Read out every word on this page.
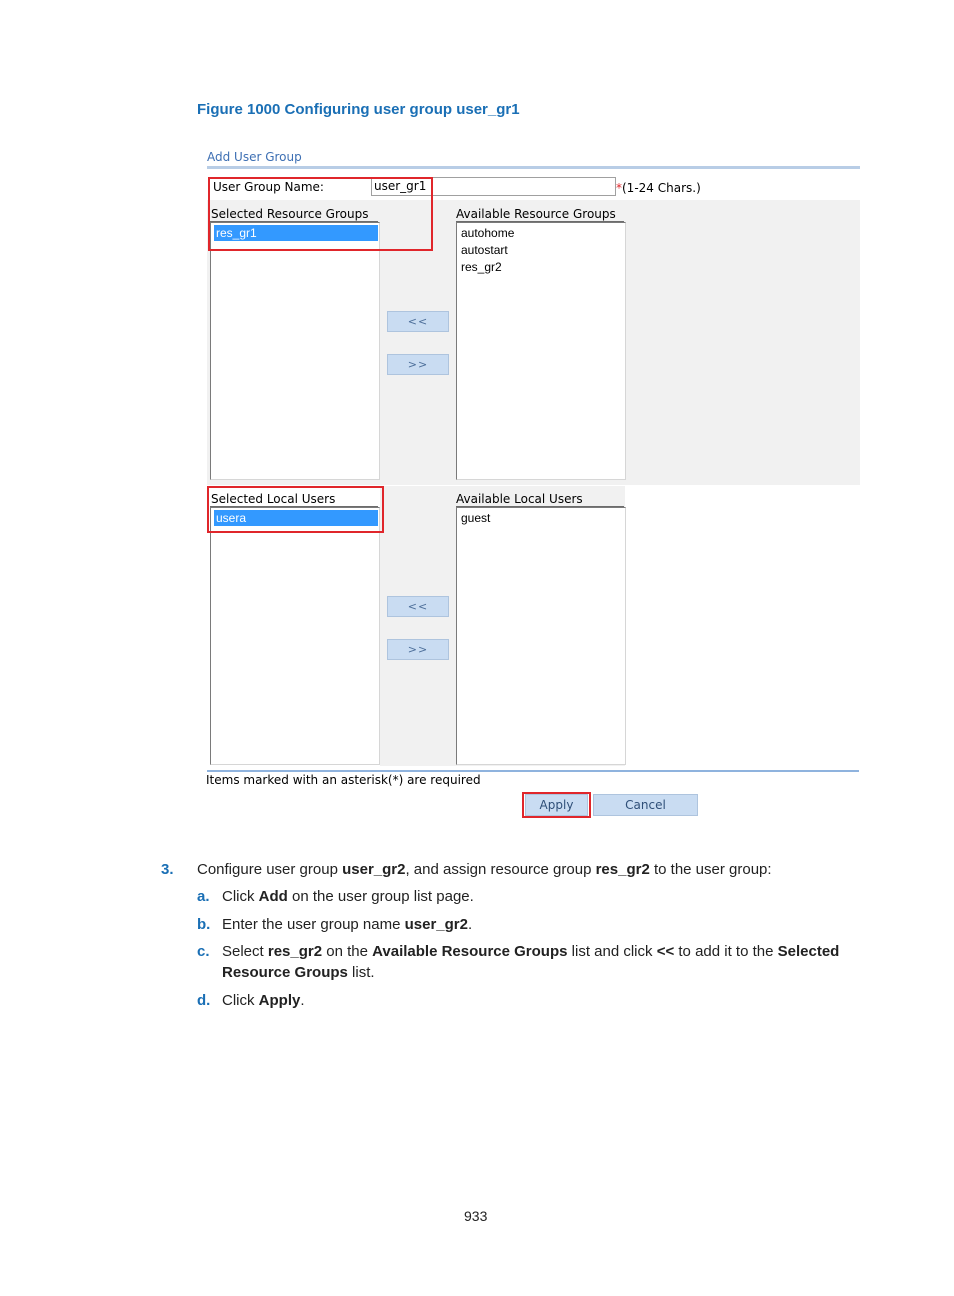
Figure 1000 Configuring user group user_gr1
Add User Group
User Group Name:	user_gr1	*(1-24 Chars.)
Selected Resource Groups
res_gr1
<<
>>
Available Resource Groups
autohome
autostart
res_gr2
Selected Local Users
usera
<<
>>
Available Local Users
guest
Items marked with an asterisk(*) are required
Apply	Cancel
3. Configure user group user_gr2, and assign resource group res_gr2 to the user group:
a. Click Add on the user group list page.
b. Enter the user group name user_gr2.
c. Select res_gr2 on the Available Resource Groups list and click << to add it to the Selected
Resource Groups list.
d. Click Apply.
933
